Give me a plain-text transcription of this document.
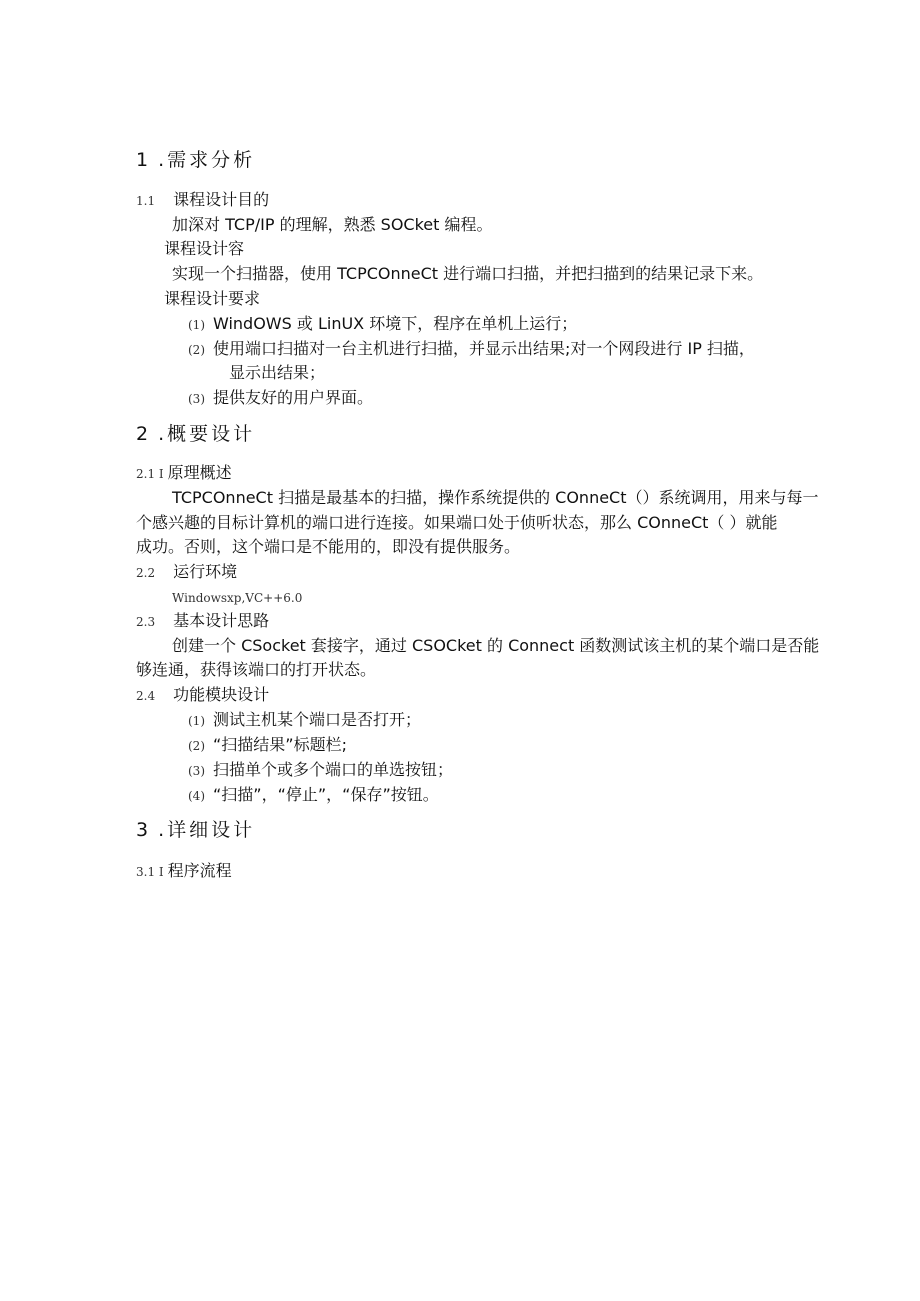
1 .需求分析
1.1 课程设计目的
加深对 TCP/IP 的理解，熟悉 SOCket 编程。
课程设计容
实现一个扫描器，使用 TCPCOnneCt 进行端口扫描，并把扫描到的结果记录下来。
课程设计要求
(1) WindOWS 或 LinUX 环境下，程序在单机上运行；
(2) 使用端口扫描对一台主机进行扫描，并显示出结果;对一个网段进行 IP 扫描，
显示出结果；
(3) 提供友好的用户界面。
2 .概要设计
2.1 I 原理概述
TCPCOnneCt 扫描是最基本的扫描，操作系统提供的 COnneCt（）系统调用，用来与每一
个感兴趣的目标计算机的端口进行连接。如果端口处于侦听状态，那么 COnneCt（ ）就能
成功。否则，这个端口是不能用的，即没有提供服务。
2.2 运行环境
Windowsxp,VC++6.0
2.3 基本设计思路
创建一个 CSocket 套接字，通过 CSOCket 的 Connect 函数测试该主机的某个端口是否能
够连通，获得该端口的打开状态。
2.4 功能模块设计
(1) 测试主机某个端口是否打开；
(2) “扫描结果”标题栏;
(3) 扫描单个或多个端口的单选按钮；
(4) “扫描”，“停止”，“保存”按钮。
3 .详细设计
3.1 I 程序流程
